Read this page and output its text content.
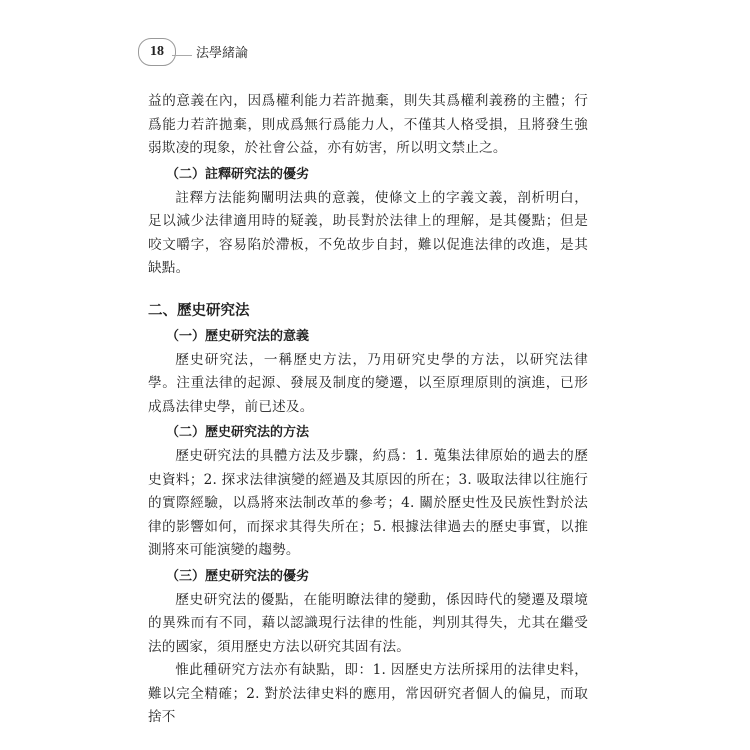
18	法學緒論

益的意義在內，因爲權利能力若許拋棄，則失其爲權利義務的主體；行爲能力若許拋棄，則成爲無行爲能力人，不僅其人格受損，且將發生強弱欺凌的現象，於社會公益，亦有妨害，所以明文禁止之。

（二）註釋研究法的優劣

註釋方法能夠闡明法典的意義，使條文上的字義文義，剖析明白，足以減少法律適用時的疑義，助長對於法律上的理解，是其優點；但是咬文嚼字，容易陷於滯板，不免故步自封，難以促進法律的改進，是其缺點。

二、歷史研究法
（一）歷史研究法的意義

歷史研究法，一稱歷史方法，乃用研究史學的方法，以研究法律學。注重法律的起源、發展及制度的變遷，以至原理原則的演進，已形成爲法律史學，前已述及。

（二）歷史研究法的方法

歷史研究法的具體方法及步驟，約爲：1. 蒐集法律原始的過去的歷史資料；2. 探求法律演變的經過及其原因的所在；3. 吸取法律以往施行的實際經驗，以爲將來法制改革的參考；4. 關於歷史性及民族性對於法律的影響如何，而探求其得失所在；5. 根據法律過去的歷史事實，以推測將來可能演變的趨勢。

（三）歷史研究法的優劣

歷史研究法的優點，在能明瞭法律的變動，係因時代的變遷及環境的異殊而有不同，藉以認識現行法律的性能，判別其得失，尤其在繼受法的國家，須用歷史方法以研究其固有法。

惟此種研究方法亦有缺點，即：1. 因歷史方法所採用的法律史料，難以完全精確；2. 對於法律史料的應用，常因研究者個人的偏見，而取捨不
